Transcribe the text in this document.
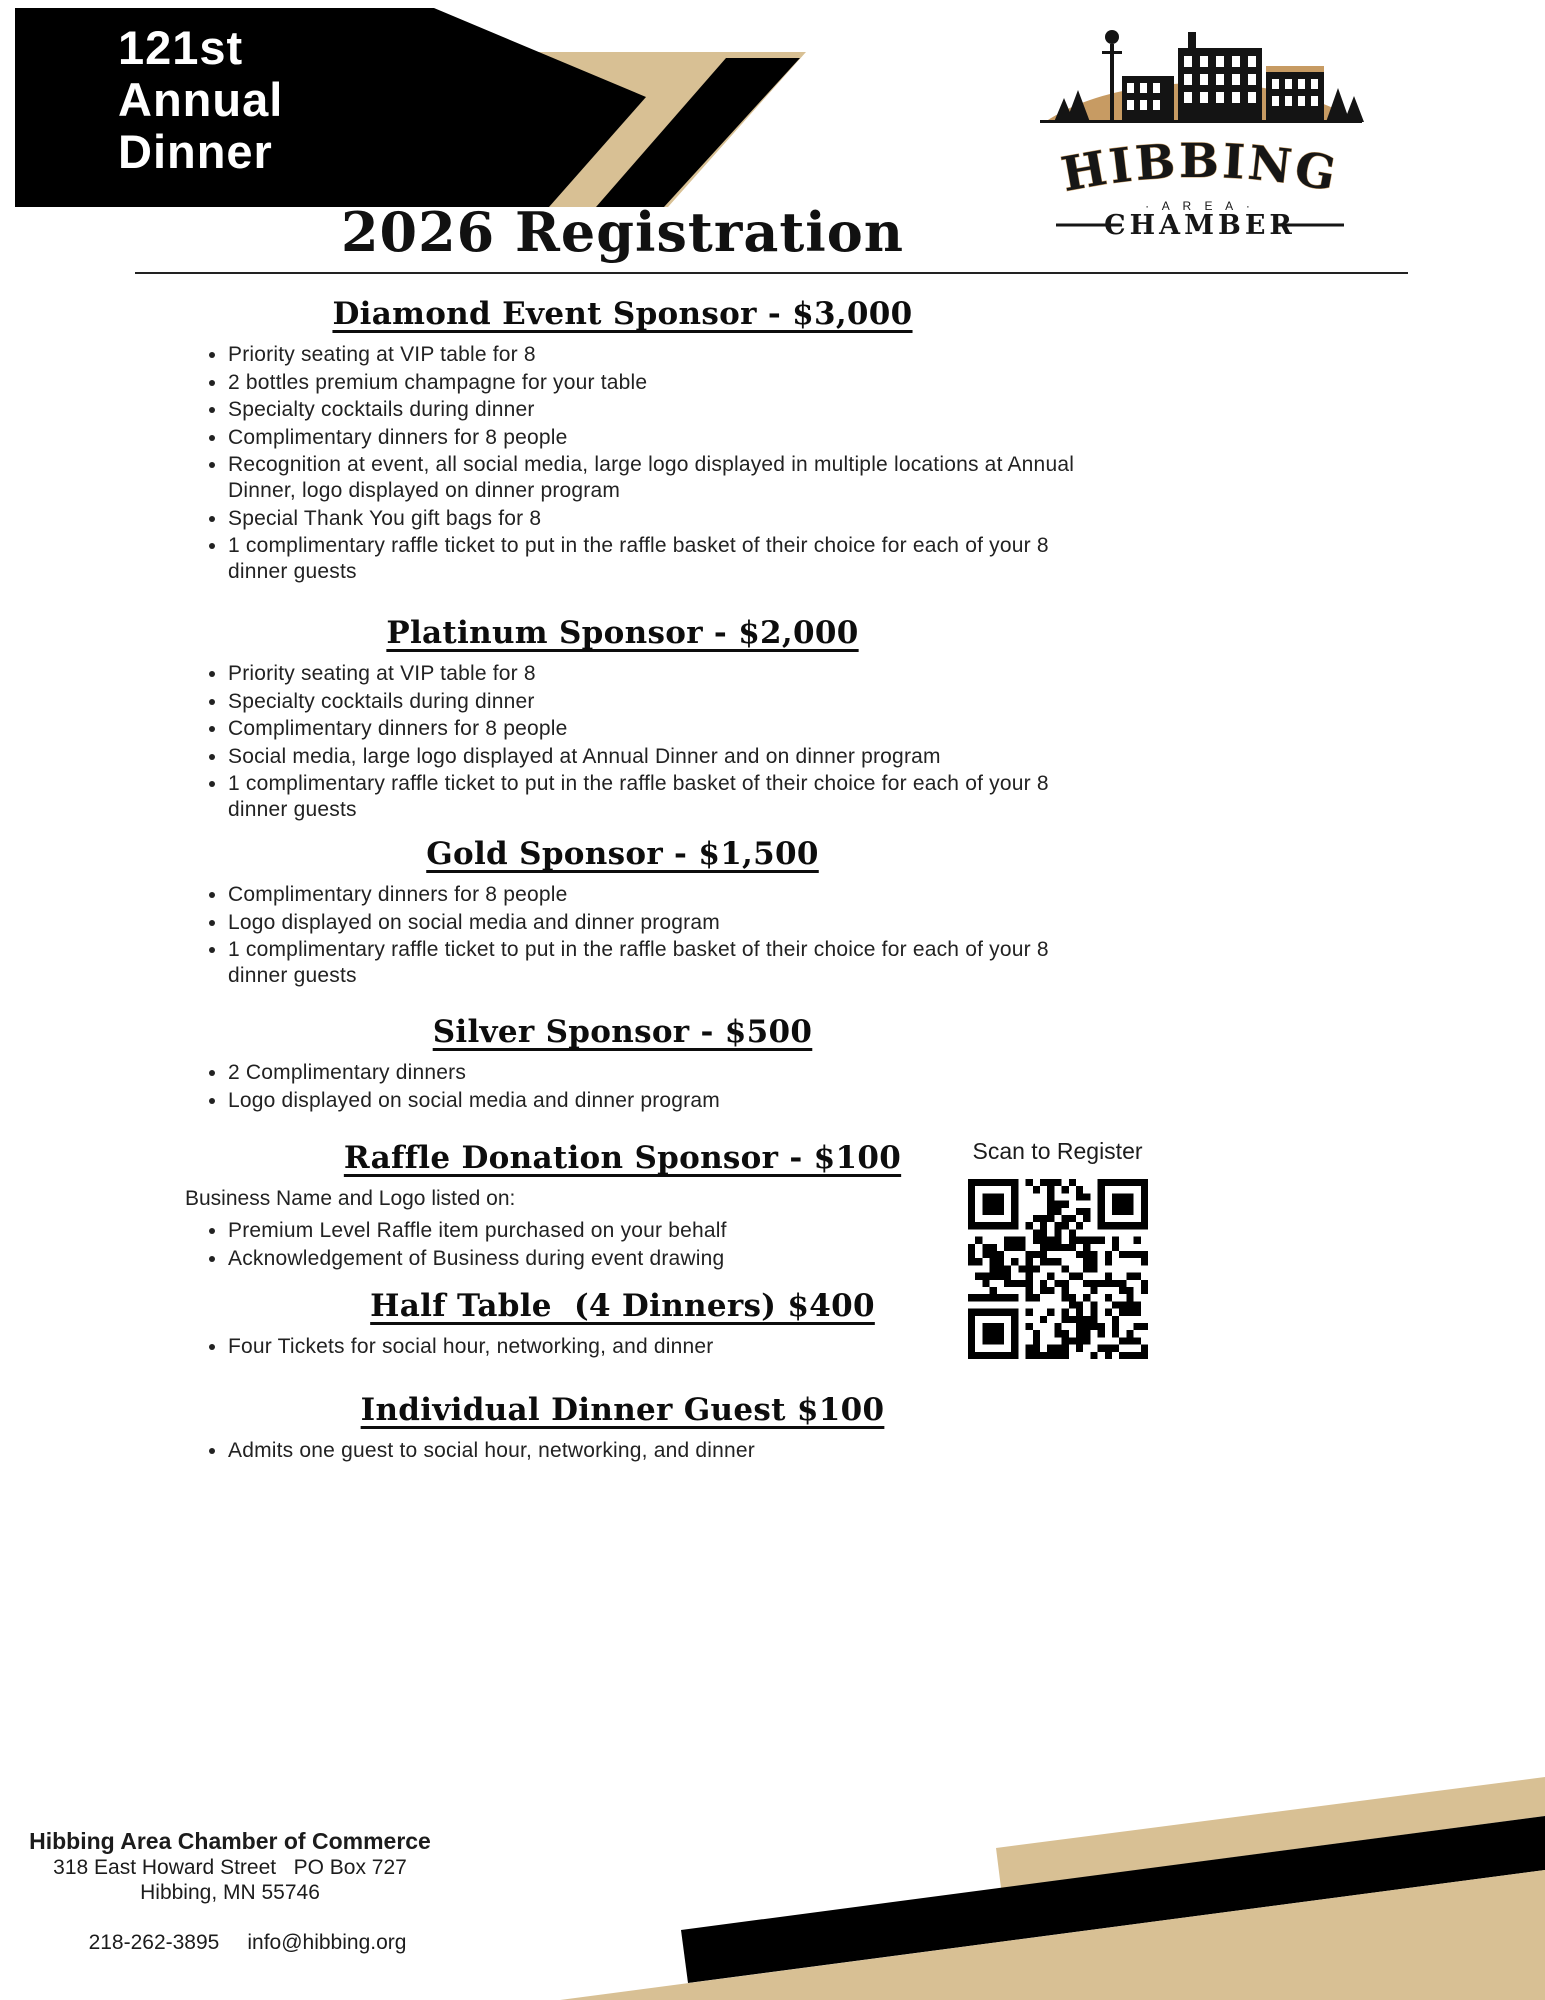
121st
Annual
Dinner	HIBBING
· A R E A ·
CHAMBER
2026 Registration
Diamond Event Sponsor - $3,000
• Priority seating at VIP table for 8
• 2 bottles premium champagne for your table
• Specialty cocktails during dinner
• Complimentary dinners for 8 people
• Recognition at event, all social media, large logo displayed in multiple locations at Annual Dinner, logo displayed on dinner program
• Special Thank You gift bags for 8
• 1 complimentary raffle ticket to put in the raffle basket of their choice for each of your 8 dinner guests
Platinum Sponsor - $2,000
• Priority seating at VIP table for 8
• Specialty cocktails during dinner
• Complimentary dinners for 8 people
• Social media, large logo displayed at Annual Dinner and on dinner program
• 1 complimentary raffle ticket to put in the raffle basket of their choice for each of your 8 dinner guests
Gold Sponsor - $1,500
• Complimentary dinners for 8 people
• Logo displayed on social media and dinner program
• 1 complimentary raffle ticket to put in the raffle basket of their choice for each of your 8 dinner guests
Silver Sponsor - $500
• 2 Complimentary dinners
• Logo displayed on social media and dinner program
Raffle Donation Sponsor - $100
Business Name and Logo listed on:
• Premium Level Raffle item purchased on your behalf
• Acknowledgement of Business during event drawing
Half Table  (4 Dinners) $400
• Four Tickets for social hour, networking, and dinner
Individual Dinner Guest $100
• Admits one guest to social hour, networking, and dinner
Scan to Register
Hibbing Area Chamber of Commerce
318 East Howard Street   PO Box 727
Hibbing, MN 55746

218-262-3895 info@hibbing.org
